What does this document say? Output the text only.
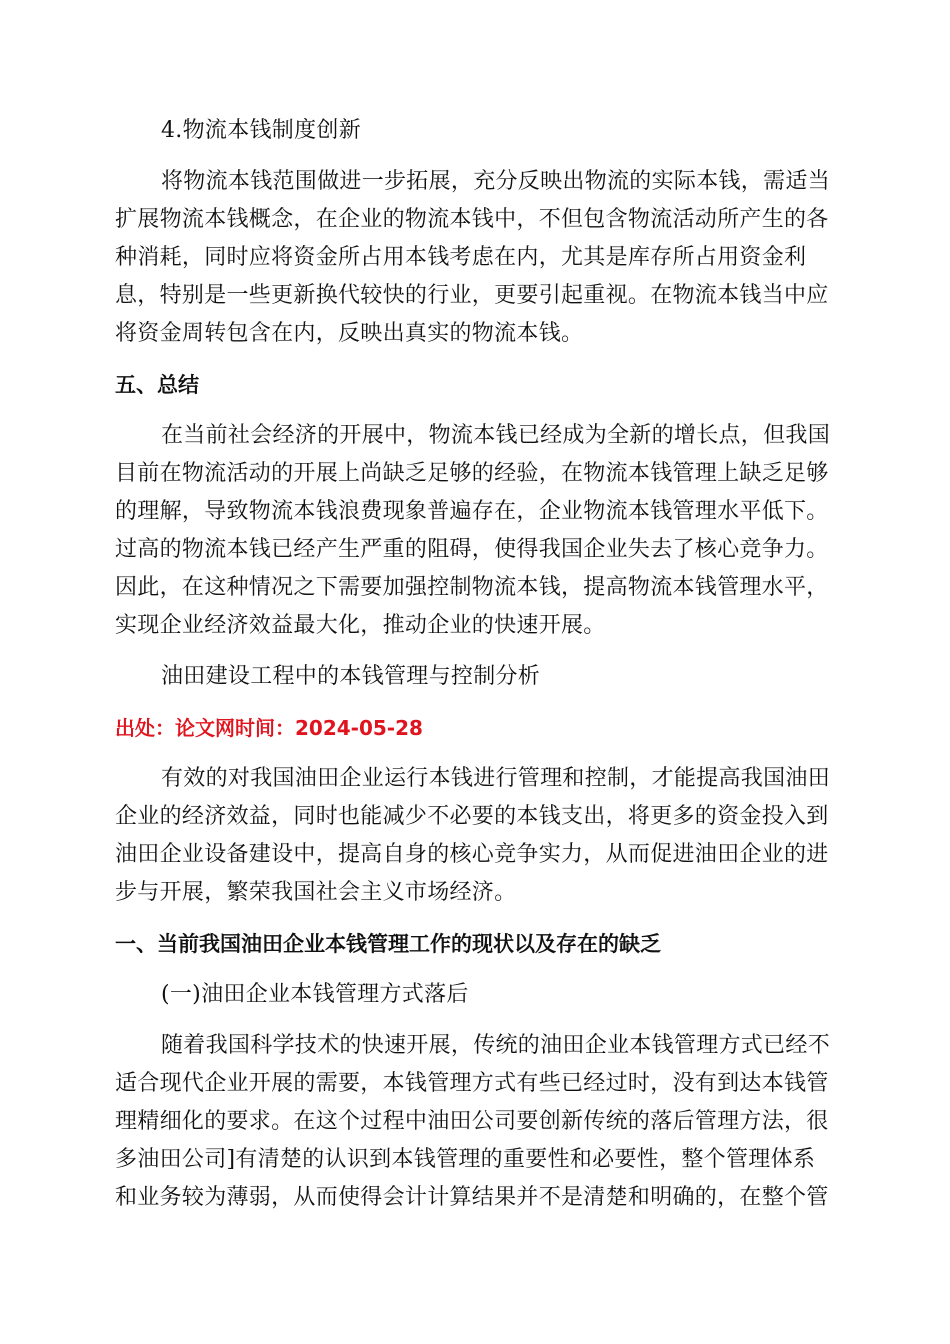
4.物流本钱制度创新
将物流本钱范围做进一步拓展，充分反映出物流的实际本钱，需适当
扩展物流本钱概念，在企业的物流本钱中，不但包含物流活动所产生的各
种消耗，同时应将资金所占用本钱考虑在内，尤其是库存所占用资金利
息，特别是一些更新换代较快的行业，更要引起重视。在物流本钱当中应
将资金周转包含在内，反映出真实的物流本钱。
五、总结
在当前社会经济的开展中，物流本钱已经成为全新的增长点，但我国
目前在物流活动的开展上尚缺乏足够的经验，在物流本钱管理上缺乏足够
的理解，导致物流本钱浪费现象普遍存在，企业物流本钱管理水平低下。
过高的物流本钱已经产生严重的阻碍，使得我国企业失去了核心竞争力。
因此，在这种情况之下需要加强控制物流本钱，提高物流本钱管理水平，
实现企业经济效益最大化，推动企业的快速开展。
油田建设工程中的本钱管理与控制分析
出处：论文网时间：2024-05-28
有效的对我国油田企业运行本钱进行管理和控制，才能提高我国油田
企业的经济效益，同时也能减少不必要的本钱支出，将更多的资金投入到
油田企业设备建设中，提高自身的核心竞争实力，从而促进油田企业的进
步与开展，繁荣我国社会主义市场经济。
一、当前我国油田企业本钱管理工作的现状以及存在的缺乏
(一)油田企业本钱管理方式落后
随着我国科学技术的快速开展，传统的油田企业本钱管理方式已经不
适合现代企业开展的需要，本钱管理方式有些已经过时，没有到达本钱管
理精细化的要求。在这个过程中油田公司要创新传统的落后管理方法，很
多油田公司]有清楚的认识到本钱管理的重要性和必要性，整个管理体系
和业务较为薄弱，从而使得会计计算结果并不是清楚和明确的，在整个管
